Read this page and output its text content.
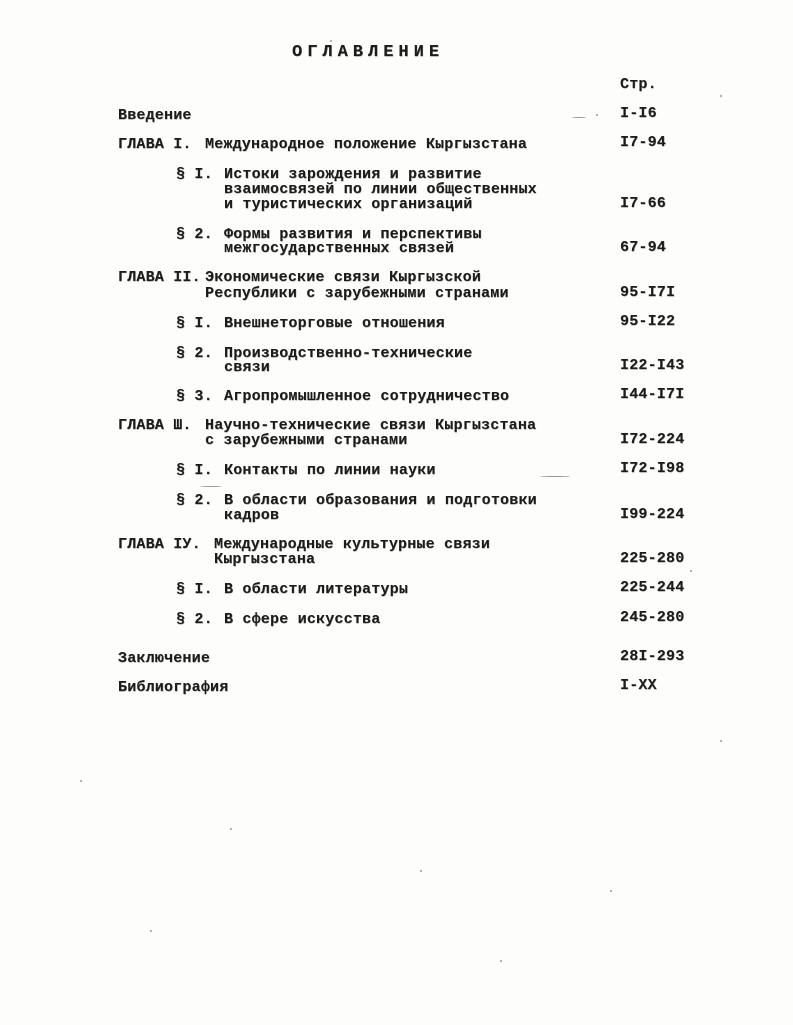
ОГЛАВЛЕНИЕ
Стр.
Введение	I-I6
ГЛАВА I. Международное положение Кыргызстана	I7-94
§ I. Истоки зарождения и развитие
взаимосвязей по линии общественных
и туристических организаций	I7-66
§ 2. Формы развития и перспективы
межгосударственных связей	67-94
ГЛАВА II. Экономические связи Кыргызской
Республики с зарубежными странами	95-I7I
§ I. Внешнеторговые отношения	95-I22
§ 2. Производственно-технические
связи	I22-I43
§ 3. Агропромышленное сотрудничество	I44-I7I
ГЛАВА Ш. Научно-технические связи Кыргызстана
с зарубежными странами	I72-224
§ I. Контакты по линии науки	I72-I98
§ 2. В области образования и подготовки
кадров	I99-224
ГЛАВА IУ. Международные культурные связи
Кыргызстана	225-280
§ I. В области литературы	225-244
§ 2. В сфере искусства	245-280
Заключение	28I-293
Библиография	I-XX
